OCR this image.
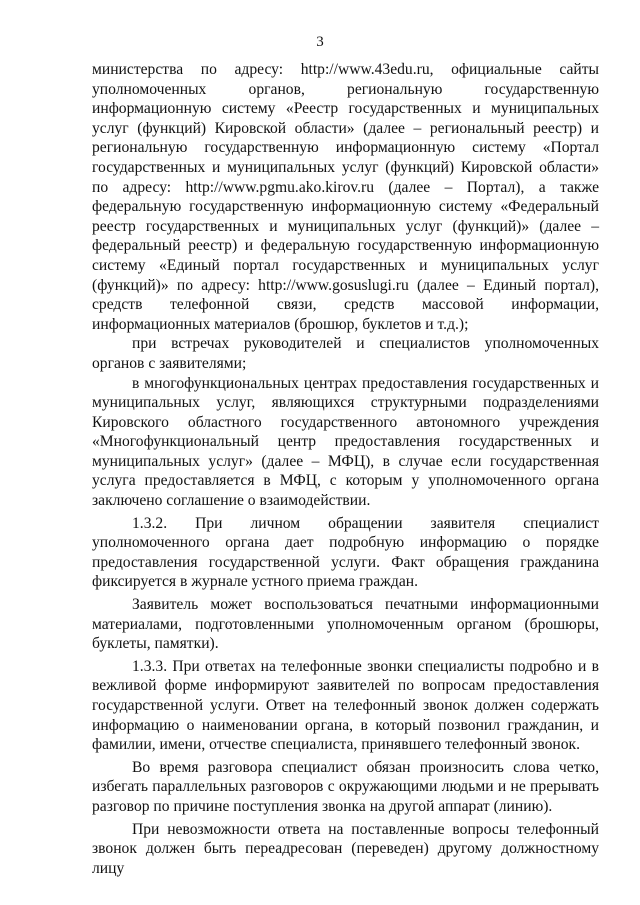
3

министерства по адресу: http://www.43edu.ru, официальные сайты уполномоченных органов, региональную государственную информационную систему «Реестр государственных и муниципальных услуг (функций) Кировской области» (далее – региональный реестр) и региональную государственную информационную систему «Портал государственных и муниципальных услуг (функций) Кировской области» по адресу: http://www.pgmu.ako.kirov.ru (далее – Портал), а также федеральную государственную информационную систему «Федеральный реестр государственных и муниципальных услуг (функций)» (далее – федеральный реестр) и федеральную государственную информационную систему «Единый портал государственных и муниципальных услуг (функций)» по адресу: http://www.gosuslugi.ru (далее – Единый портал), средств телефонной связи, средств массовой информации, информационных материалов (брошюр, буклетов и т.д.);

при встречах руководителей и специалистов уполномоченных органов с заявителями;

в многофункциональных центрах предоставления государственных и муниципальных услуг, являющихся структурными подразделениями Кировского областного государственного автономного учреждения «Многофункциональный центр предоставления государственных и муниципальных услуг» (далее – МФЦ), в случае если государственная услуга предоставляется в МФЦ, с которым у уполномоченного органа заключено соглашение о взаимодействии.

1.3.2. При личном обращении заявителя специалист уполномоченного органа дает подробную информацию о порядке предоставления государственной услуги. Факт обращения гражданина фиксируется в журнале устного приема граждан.

Заявитель может воспользоваться печатными информационными материалами, подготовленными уполномоченным органом (брошюры, буклеты, памятки).

1.3.3. При ответах на телефонные звонки специалисты подробно и в вежливой форме информируют заявителей по вопросам предоставления государственной услуги. Ответ на телефонный звонок должен содержать информацию о наименовании органа, в который позвонил гражданин, и фамилии, имени, отчестве специалиста, принявшего телефонный звонок.

Во время разговора специалист обязан произносить слова четко, избегать параллельных разговоров с окружающими людьми и не прерывать разговор по причине поступления звонка на другой аппарат (линию).

При невозможности ответа на поставленные вопросы телефонный звонок должен быть переадресован (переведен) другому должностному лицу
